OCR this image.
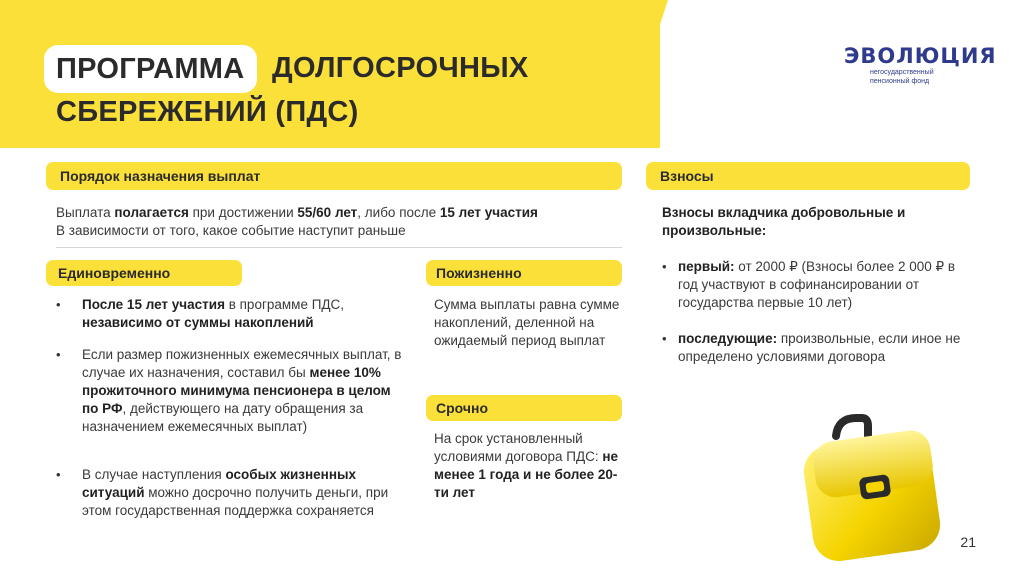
ПРОГРАММА ДОЛГОСРОЧНЫХ
СБЕРЕЖЕНИЙ (ПДС)
ЭВОЛЮЦИЯ
негосударственный
пенсионный фонд
Порядок назначения выплат
Выплата полагается при достижении 55/60 лет, либо после 15 лет участия
В зависимости от того, какое событие наступит раньше
Единовременно
• После 15 лет участия в программе ПДС,
независимо от суммы накоплений
• Если размер пожизненных ежемесячных выплат, в случае их назначения, составил бы менее 10% прожиточного минимума пенсионера в целом по РФ, действующего на дату обращения за назначением ежемесячных выплат)
• В случае наступления особых жизненных ситуаций можно досрочно получить деньги, при этом государственная поддержка сохраняется
Пожизненно
Сумма выплаты равна сумме накоплений, деленной на ожидаемый период выплат
Срочно
На срок установленный условиями договора ПДС: не менее 1 года и не более 20-ти лет
Взносы
Взносы вкладчика добровольные и произвольные:
• первый: от 2000 ₽ (Взносы более 2 000 ₽ в год участвуют в софинансировании от государства первые 10 лет)
• последующие: произвольные, если иное не определено условиями договора
21
